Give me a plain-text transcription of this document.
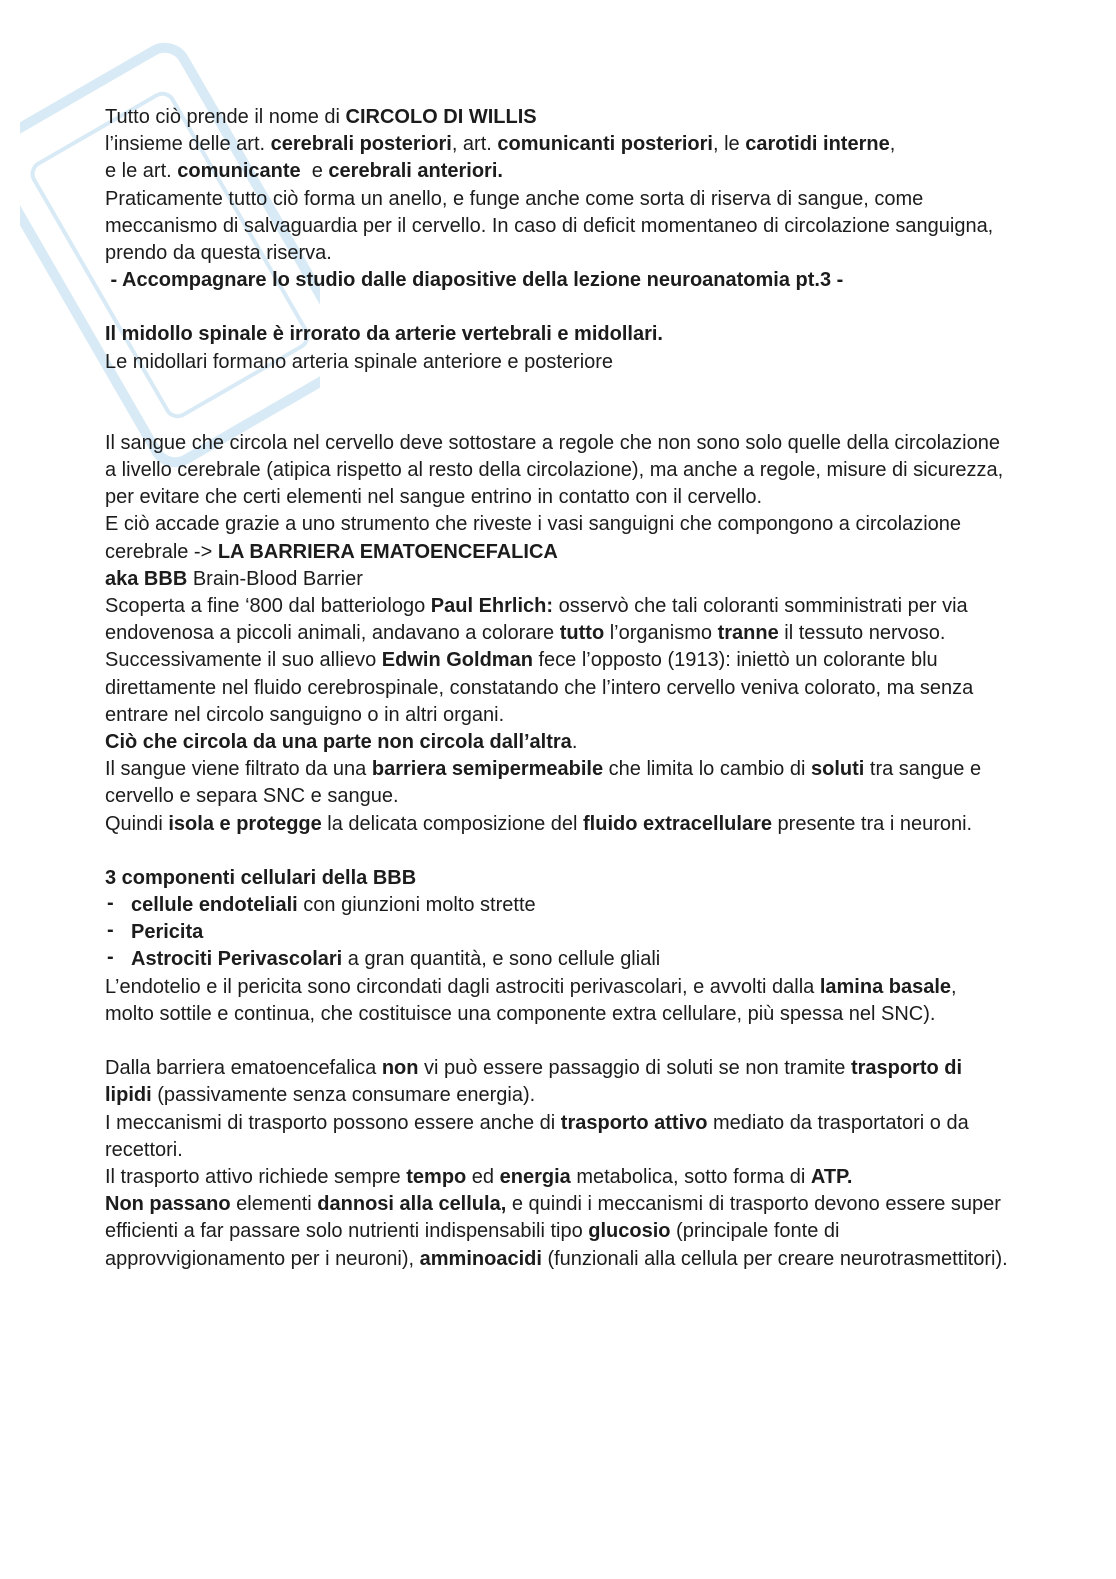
Tutto ciò prende il nome di CIRCOLO DI WILLIS

l’insieme delle art. cerebrali posteriori, art. comunicanti posteriori, le carotidi interne,

e le art. comunicante  e cerebrali anteriori.

Praticamente tutto ciò forma un anello, e funge anche come sorta di riserva di sangue, come meccanismo di salvaguardia per il cervello. In caso di deficit momentaneo di circolazione sanguigna, prendo da questa riserva.

- Accompagnare lo studio dalle diapositive della lezione neuroanatomia pt.3 -

Il midollo spinale è irrorato da arterie vertebrali e midollari.

Le midollari formano arteria spinale anteriore e posteriore

Il sangue che circola nel cervello deve sottostare a regole che non sono solo quelle della circolazione a livello cerebrale (atipica rispetto al resto della circolazione), ma anche a regole, misure di sicurezza, per evitare che certi elementi nel sangue entrino in contatto con il cervello.

E ciò accade grazie a uno strumento che riveste i vasi sanguigni che compongono a circolazione cerebrale -> LA BARRIERA EMATOENCEFALICA

aka BBB Brain-Blood Barrier

Scoperta a fine ‘800 dal batteriologo Paul Ehrlich: osservò che tali coloranti somministrati per via endovenosa a piccoli animali, andavano a colorare tutto l’organismo tranne il tessuto nervoso.

Successivamente il suo allievo Edwin Goldman fece l’opposto (1913): iniettò un colorante blu direttamente nel fluido cerebrospinale, constatando che l’intero cervello veniva colorato, ma senza entrare nel circolo sanguigno o in altri organi.

Ciò che circola da una parte non circola dall’altra.

Il sangue viene filtrato da una barriera semipermeabile che limita lo cambio di soluti tra sangue e cervello e separa SNC e sangue.

Quindi isola e protegge la delicata composizione del fluido extracellulare presente tra i neuroni.

3 componenti cellulari della BBB

- cellule endoteliali con giunzioni molto strette

- Pericita

- Astrociti Perivascolari a gran quantità, e sono cellule gliali

L’endotelio e il pericita sono circondati dagli astrociti perivascolari, e avvolti dalla lamina basale, molto sottile e continua, che costituisce una componente extra cellulare, più spessa nel SNC).

Dalla barriera ematoencefalica non vi può essere passaggio di soluti se non tramite trasporto di lipidi (passivamente senza consumare energia).

I meccanismi di trasporto possono essere anche di trasporto attivo mediato da trasportatori o da recettori.

Il trasporto attivo richiede sempre tempo ed energia metabolica, sotto forma di ATP.

Non passano elementi dannosi alla cellula, e quindi i meccanismi di trasporto devono essere super efficienti a far passare solo nutrienti indispensabili tipo glucosio (principale fonte di approvvigionamento per i neuroni), amminoacidi (funzionali alla cellula per creare neurotrasmettitori).
